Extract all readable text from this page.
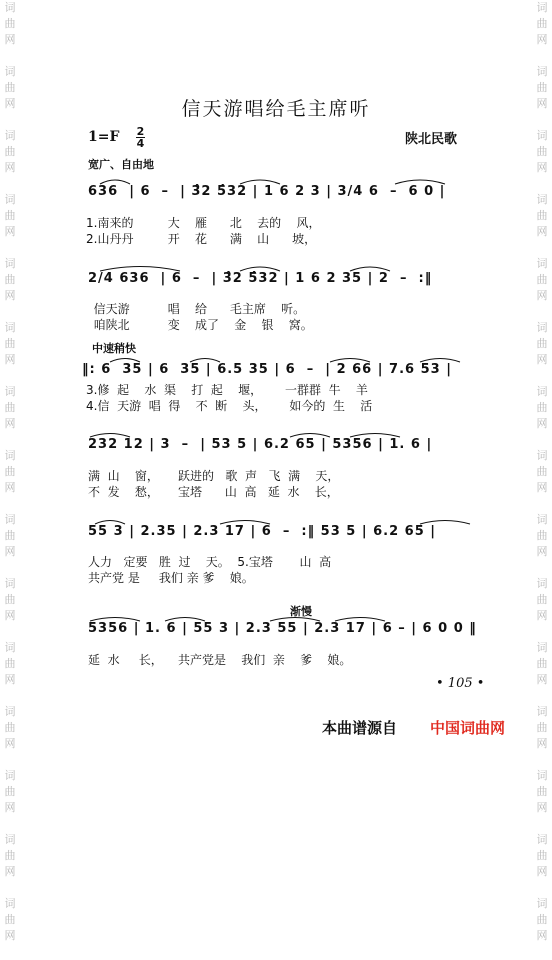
词
曲
网

词
曲
网

词
曲
网

词
曲
网

词
曲
网

词
曲
网

词
曲
网

词
曲
网

词
曲
网

词
曲
网

词
曲
网

词
曲
网

词
曲
网

词
曲
网

词
曲
网

词
曲
网

词
曲
网

词
曲
网

词
曲
网

词
曲
网

词
曲
网

词
曲
网

词
曲
网

词
曲
网

词
曲
网

词
曲
网

词
曲
网

词
曲
网

词
曲
网

词
曲
网

信天游唱给毛主席听
1=F 2
4	陕北民歌
宽广、自由地
中速稍快
渐慢
636  | 6  –  | 3̂2 5̂32 | 1 6 2 3 | 3/4 6  –  6 0 |
1.南来的         大    雁      北    去的    风，
2.山丹丹         开    花      满    山      坡，
2/4 636  | 6  –  | 3̂2 5̂32 | 1 6 2 35 | 2  –  :‖
信天游          唱    给      毛主席    听。
咱陕北          变    成了    金    银    窝。
‖: 6  35 | 6  35 | 6.5 35 | 6  –  | 2 66 | 7.6 53 |
3.修  起    水  渠    打  起    堰，      一群群  牛    羊
4.信  天游  唱  得    不  断    头，      如今的  生    活
232 12 | 3  –  | 53 5 | 6.2 65 | 5356 | 1. 6 |
满  山    窗，     跃进的   歌  声   飞  满    天，
不  发    愁，     宝塔      山  高   延  水    长，
55 3 | 2.35 | 2.3 17 | 6  –  :‖ 53 5 | 6.2 65 |
人力   定要   胜  过    天。  5.宝塔       山  高
共产党 是     我们 亲 爹    娘。
5356 | 1. 6 | 55 3 | 2.3 55 | 2.3 17 | 6 – | 6 0 0 ‖
延  水     长，    共产党是    我们  亲    爹    娘。
• 105 •
本曲谱源自 中国词曲网
